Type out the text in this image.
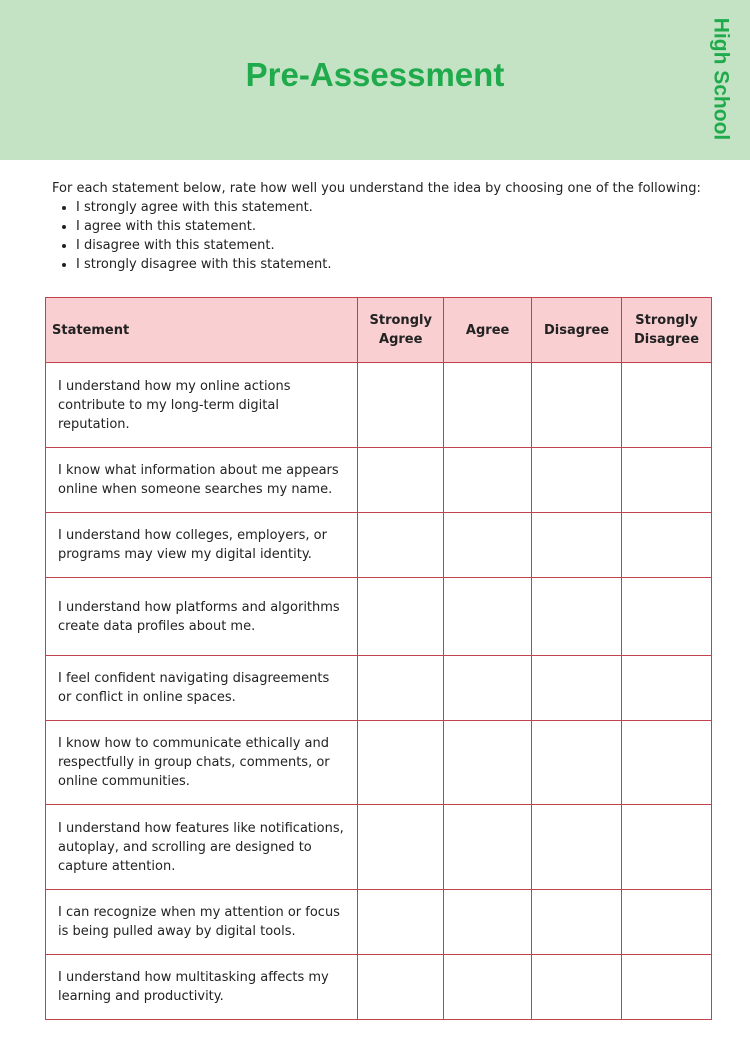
Pre-Assessment	High School

For each statement below, rate how well you understand the idea by choosing one of the following:

• I strongly agree with this statement.
• I agree with this statement.
• I disagree with this statement.
• I strongly disagree with this statement.
Statement	Strongly Agree	Agree	Disagree	Strongly Disagree
I understand how my online actions contribute to my long-term digital reputation.				
I know what information about me appears online when someone searches my name.				
I understand how colleges, employers, or programs may view my digital identity.				
I understand how platforms and algorithms create data profiles about me.				
I feel confident navigating disagreements or conflict in online spaces.				
I know how to communicate ethically and respectfully in group chats, comments, or online communities.				
I understand how features like notifications, autoplay, and scrolling are designed to capture attention.				
I can recognize when my attention or focus is being pulled away by digital tools.				
I understand how multitasking affects my learning and productivity.				
